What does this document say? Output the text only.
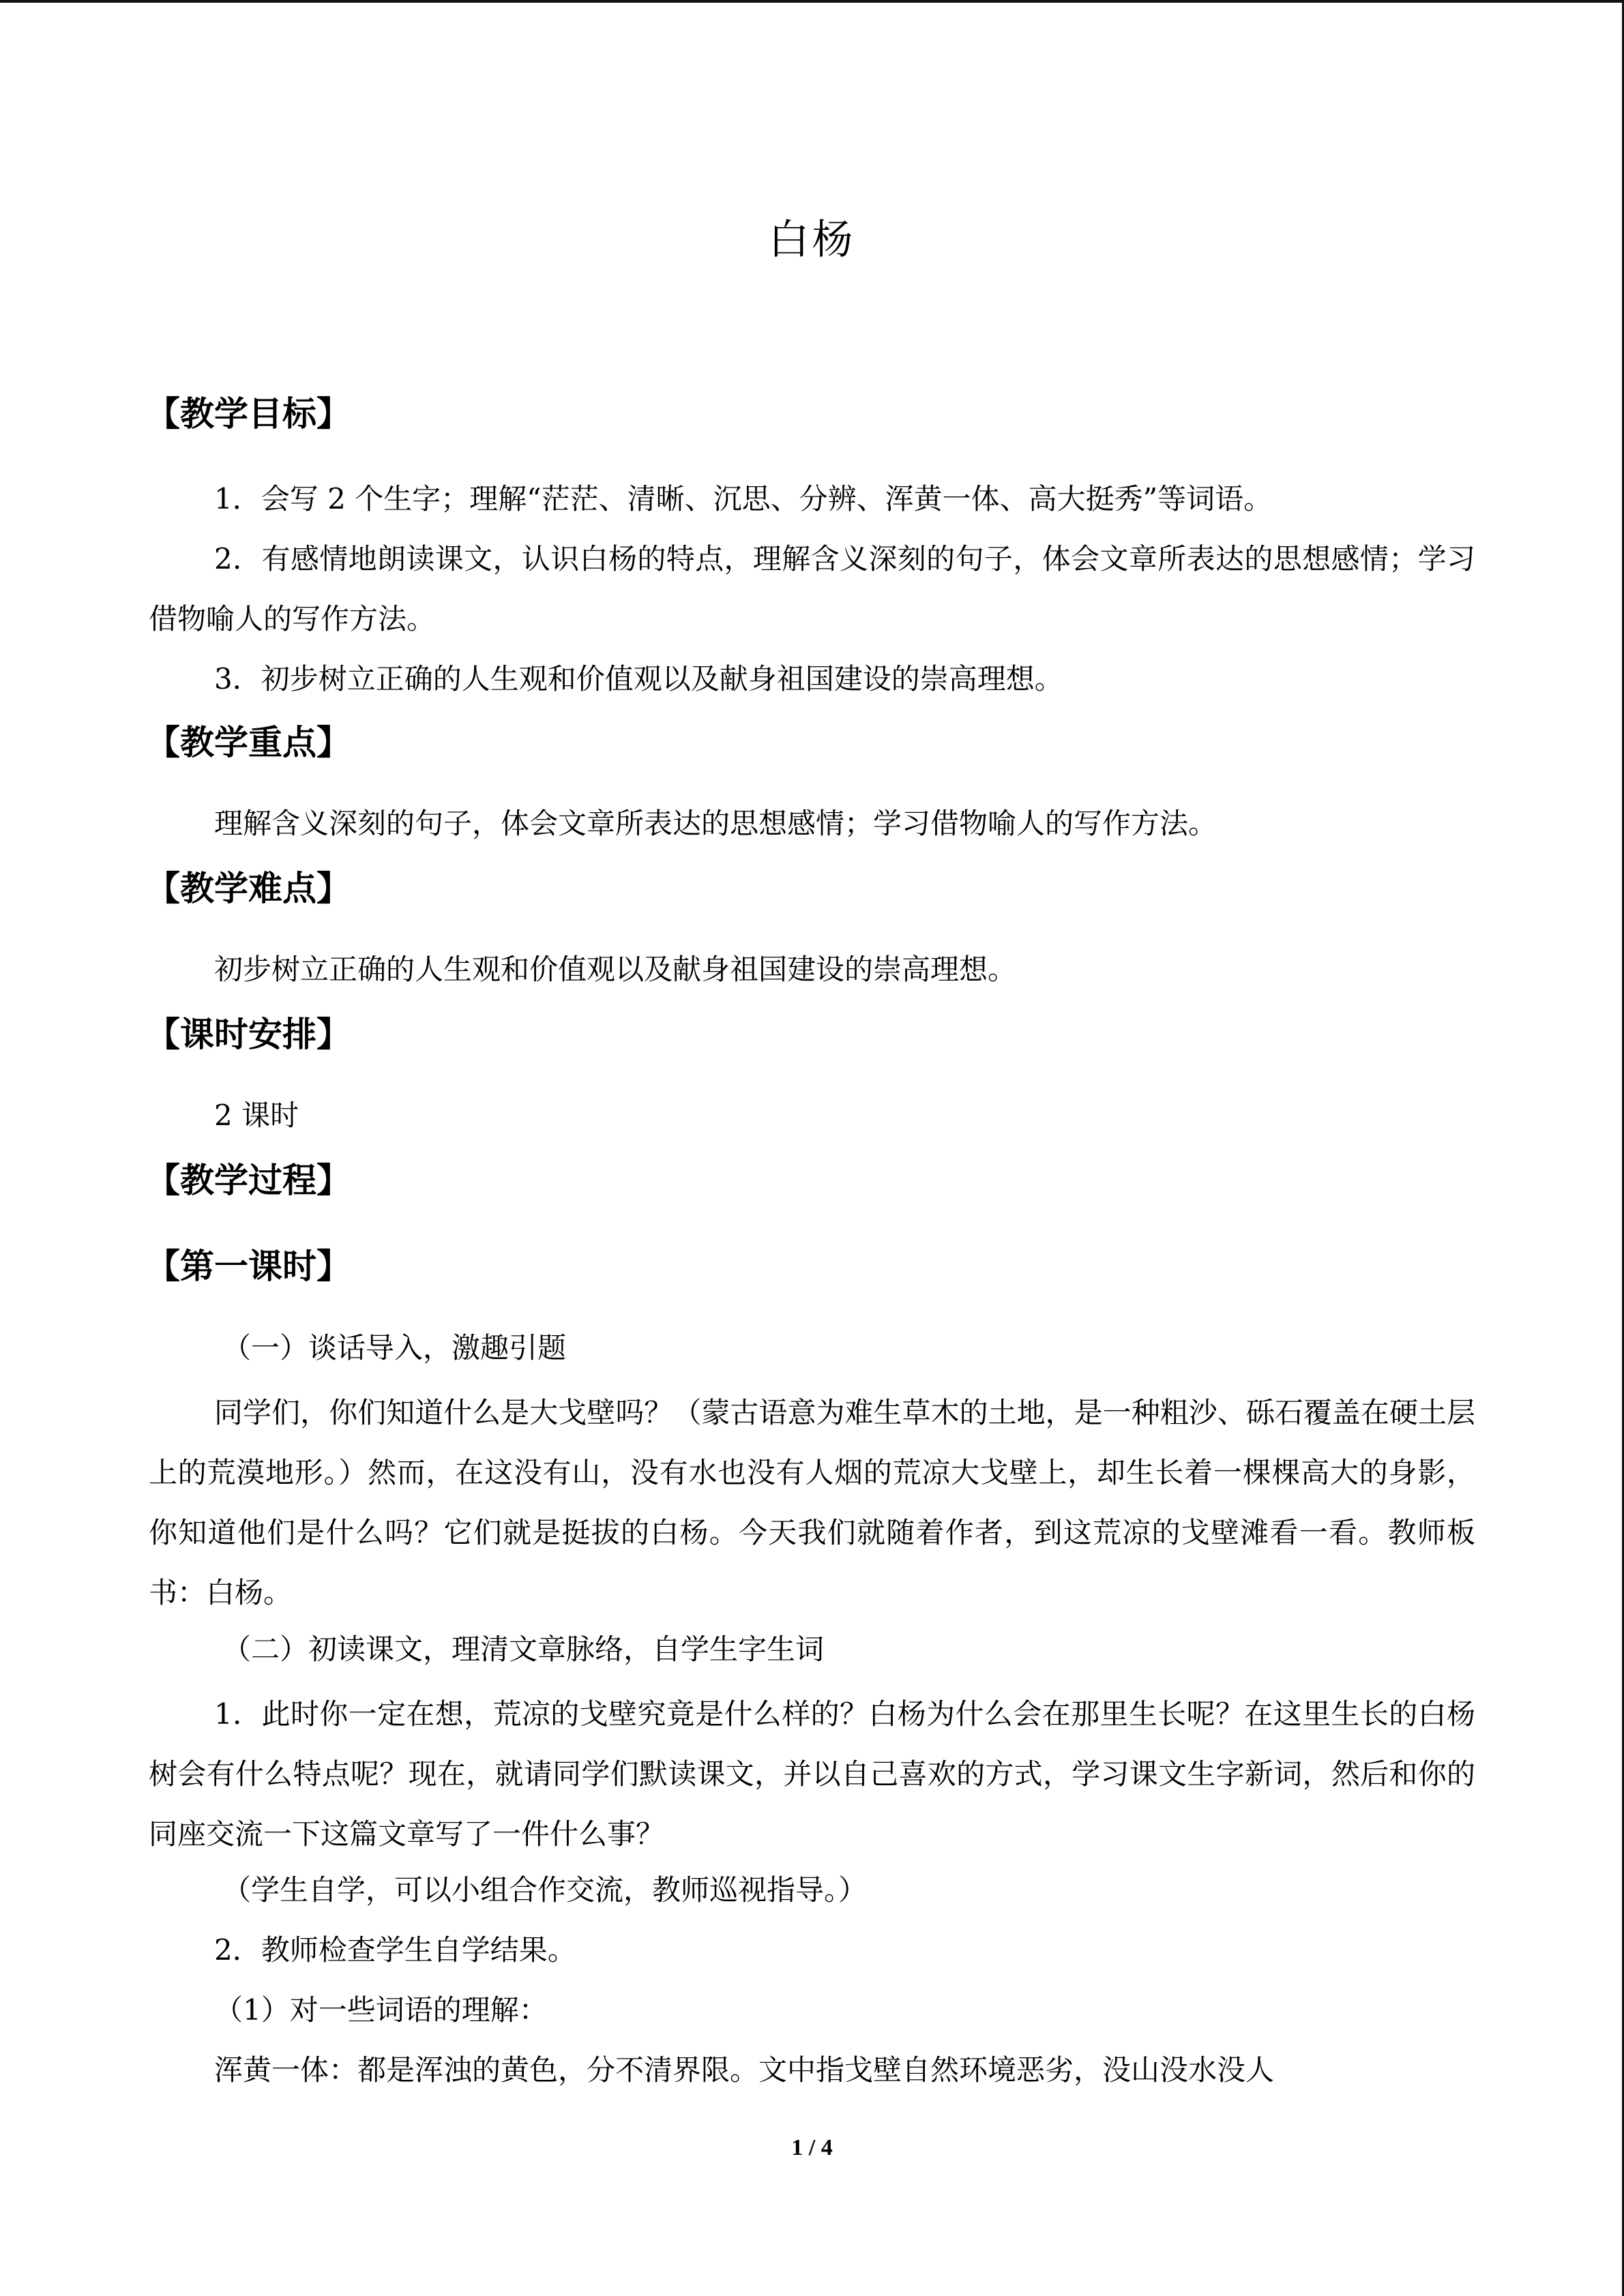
白杨
【教学目标】
1．会写 2 个生字；理解“茫茫、清晰、沉思、分辨、浑黄一体、高大挺秀”等词语。
2．有感情地朗读课文，认识白杨的特点，理解含义深刻的句子，体会文章所表达的思想感情；学习借物喻人的写作方法。
3．初步树立正确的人生观和价值观以及献身祖国建设的崇高理想。
【教学重点】
理解含义深刻的句子，体会文章所表达的思想感情；学习借物喻人的写作方法。
【教学难点】
初步树立正确的人生观和价值观以及献身祖国建设的崇高理想。
【课时安排】
2 课时
【教学过程】
【第一课时】
（一）谈话导入，激趣引题
同学们，你们知道什么是大戈壁吗？（蒙古语意为难生草木的土地，是一种粗沙、砾石覆盖在硬土层上的荒漠地形。）然而，在这没有山，没有水也没有人烟的荒凉大戈壁上，却生长着一棵棵高大的身影，你知道他们是什么吗？它们就是挺拔的白杨。今天我们就随着作者，到这荒凉的戈壁滩看一看。教师板书：白杨。
（二）初读课文，理清文章脉络，自学生字生词
1．此时你一定在想，荒凉的戈壁究竟是什么样的？白杨为什么会在那里生长呢？在这里生长的白杨树会有什么特点呢？现在，就请同学们默读课文，并以自己喜欢的方式，学习课文生字新词，然后和你的同座交流一下这篇文章写了一件什么事？
（学生自学，可以小组合作交流，教师巡视指导。）
2．教师检查学生自学结果。
（1）对一些词语的理解：
浑黄一体：都是浑浊的黄色，分不清界限。文中指戈壁自然环境恶劣，没山没水没人
1 / 4
